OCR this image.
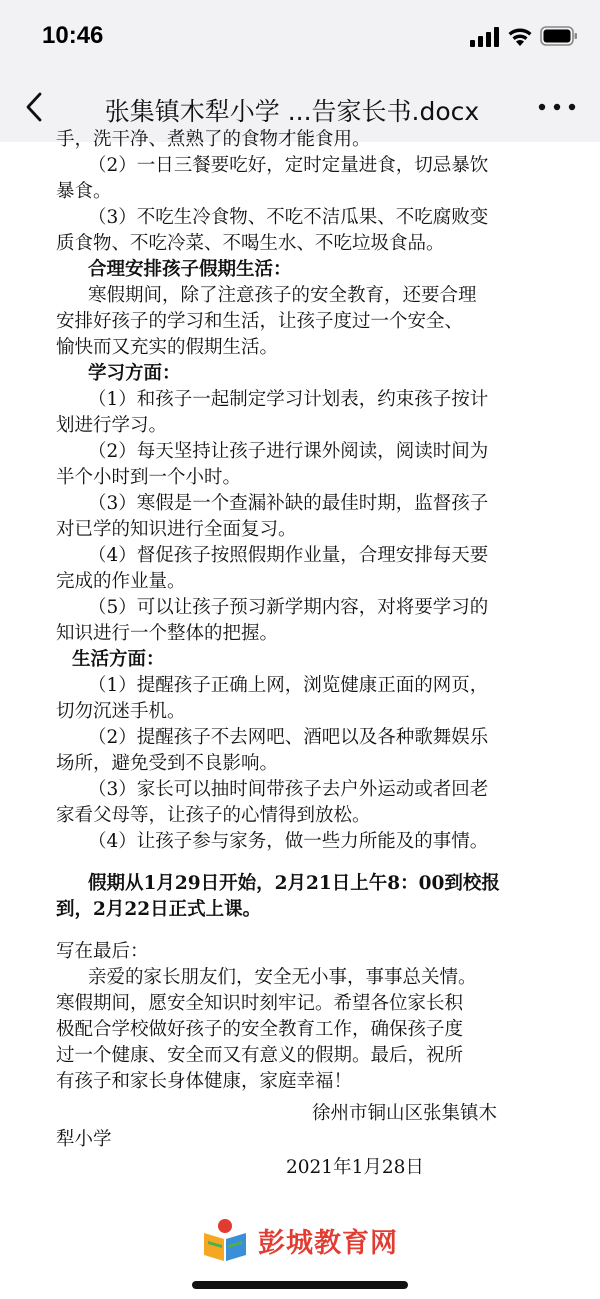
10:46
张集镇木犁小学 ...告家长书.docx
手，洗干净、煮熟了的食物才能食用。
（2）一日三餐要吃好，定时定量进食，切忌暴饮
暴食。
（3）不吃生冷食物、不吃不洁瓜果、不吃腐败变
质食物、不吃冷菜、不喝生水、不吃垃圾食品。
合理安排孩子假期生活：
寒假期间，除了注意孩子的安全教育，还要合理
安排好孩子的学习和生活，让孩子度过一个安全、
愉快而又充实的假期生活。
学习方面：
（1）和孩子一起制定学习计划表，约束孩子按计
划进行学习。
（2）每天坚持让孩子进行课外阅读，阅读时间为
半个小时到一个小时。
（3）寒假是一个查漏补缺的最佳时期，监督孩子
对已学的知识进行全面复习。
（4）督促孩子按照假期作业量，合理安排每天要
完成的作业量。
（5）可以让孩子预习新学期内容，对将要学习的
知识进行一个整体的把握。
生活方面：
（1）提醒孩子正确上网，浏览健康正面的网页，
切勿沉迷手机。
（2）提醒孩子不去网吧、酒吧以及各种歌舞娱乐
场所，避免受到不良影响。
（3）家长可以抽时间带孩子去户外运动或者回老
家看父母等，让孩子的心情得到放松。
（4）让孩子参与家务，做一些力所能及的事情。
假期从1月29日开始，2月21日上午8：00到校报
到，2月22日正式上课。
写在最后：
亲爱的家长朋友们，安全无小事，事事总关情。
寒假期间，愿安全知识时刻牢记。希望各位家长积
极配合学校做好孩子的安全教育工作，确保孩子度
过一个健康、安全而又有意义的假期。最后，祝所
有孩子和家长身体健康，家庭幸福！
徐州市铜山区张集镇木
犁小学
2021年1月28日
彭城教育网
